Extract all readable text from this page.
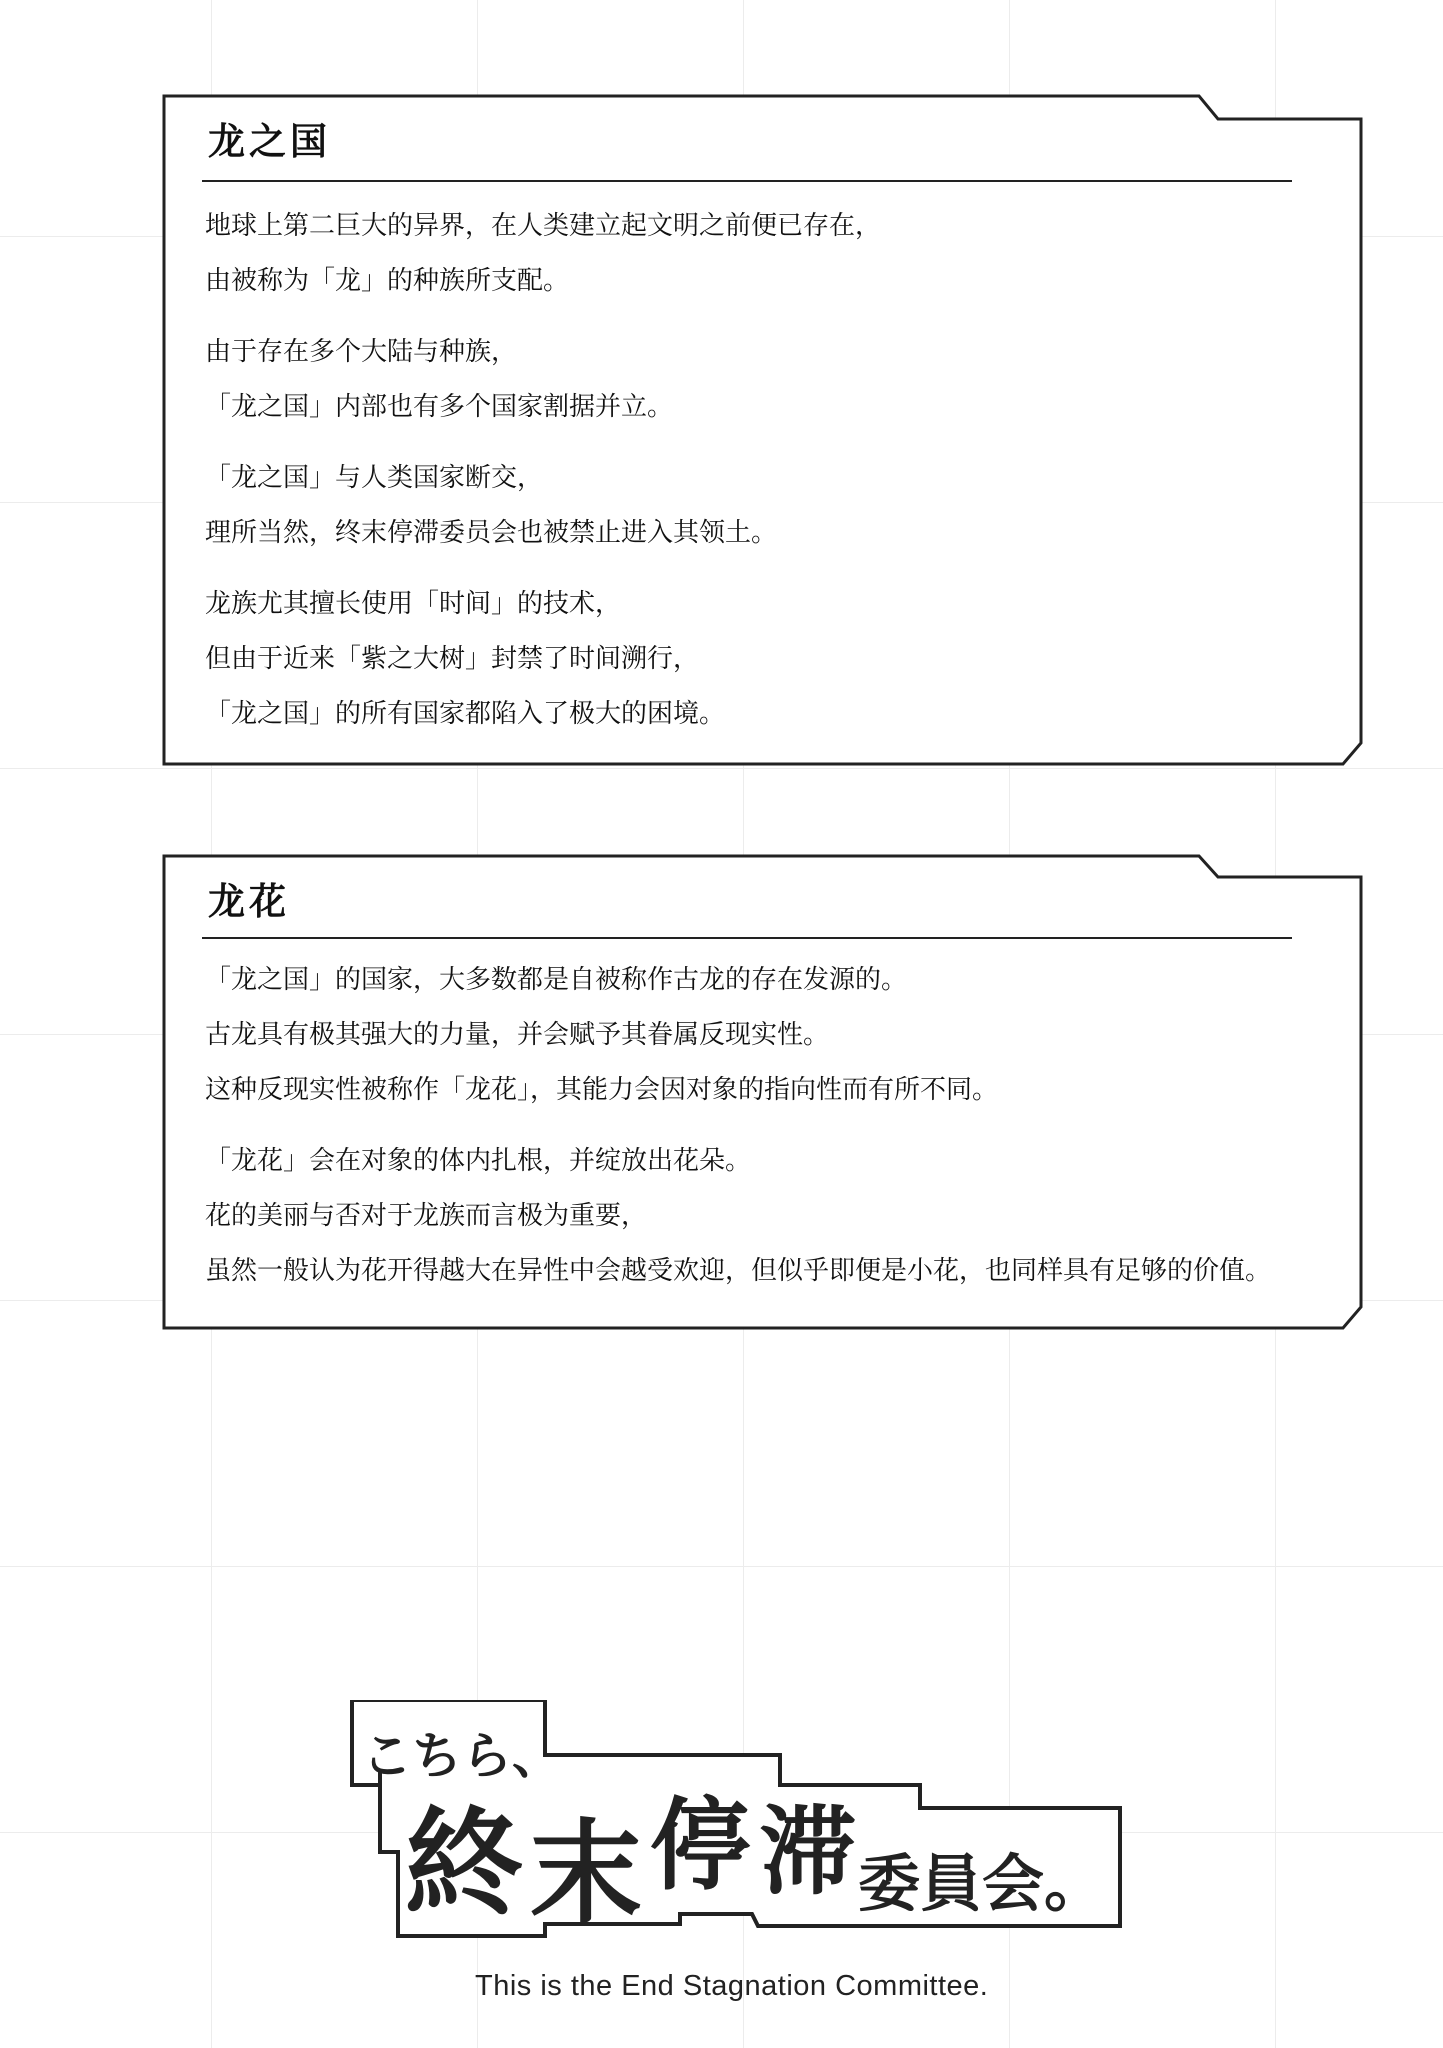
龙之国
地球上第二巨大的异界，在人类建立起文明之前便已存在，
由被称为「龙」的种族所支配。
由于存在多个大陆与种族，
「龙之国」内部也有多个国家割据并立。
「龙之国」与人类国家断交，
理所当然，终末停滞委员会也被禁止进入其领土。
龙族尤其擅长使用「时间」的技术，
但由于近来「紫之大树」封禁了时间溯行，
「龙之国」的所有国家都陷入了极大的困境。
龙花
「龙之国」的国家，大多数都是自被称作古龙的存在发源的。
古龙具有极其强大的力量，并会赋予其眷属反现实性。
这种反现实性被称作「龙花」，其能力会因对象的指向性而有所不同。
「龙花」会在对象的体内扎根，并绽放出花朵。
花的美丽与否对于龙族而言极为重要，
虽然一般认为花开得越大在异性中会越受欢迎，但似乎即便是小花，也同样具有足够的价值。
こちら、
終 末 停 滞 委員会。
This is the End Stagnation Committee.
